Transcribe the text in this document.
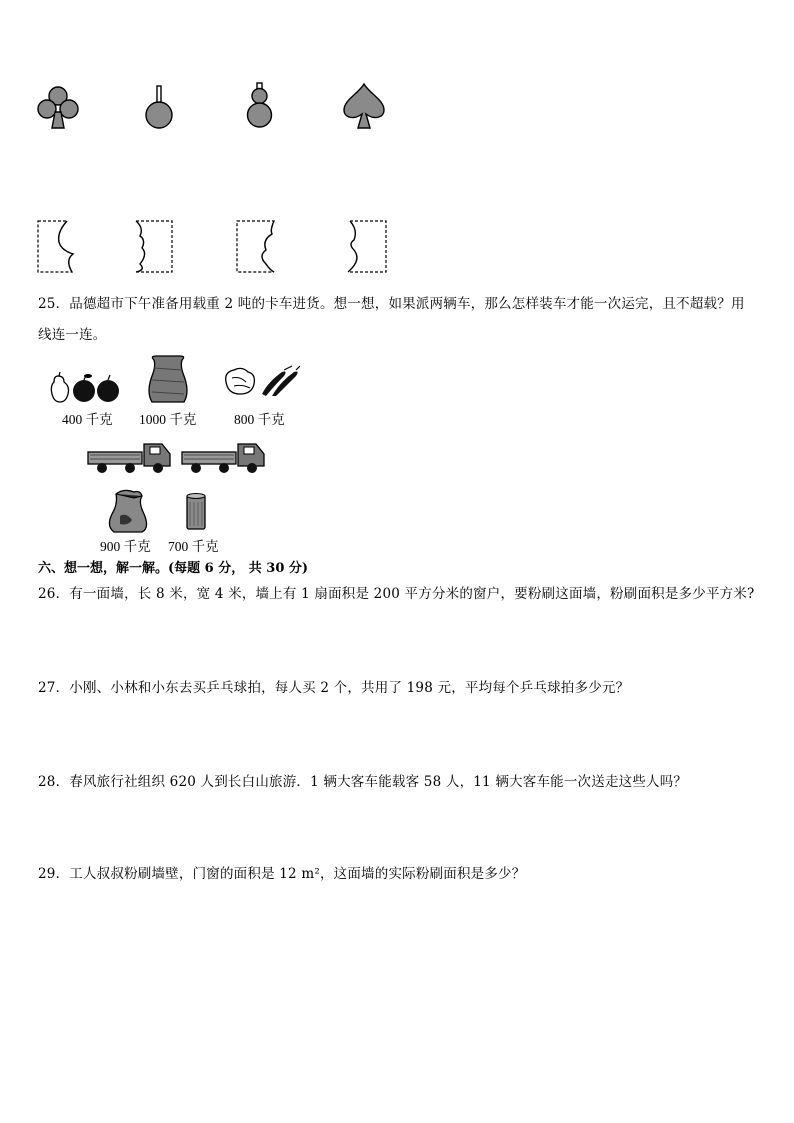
25．品德超市下午准备用载重 2 吨的卡车进货。想一想，如果派两辆车，那么怎样装车才能一次运完，且不超载？用
线连一连。
400 千克 1000 千克	800 千克
900 千克 700 千克
六、想一想，解一解。(每题 6 分， 共 30 分)
26．有一面墙，长 8 米，宽 4 米，墙上有 1 扇面积是 200 平方分米的窗户，要粉刷这面墙，粉刷面积是多少平方米?
27．小刚、小林和小东去买乒乓球拍，每人买 2 个，共用了 198 元，平均每个乒乓球拍多少元？
28．春风旅行社组织 620 人到长白山旅游．1 辆大客车能载客 58 人，11 辆大客车能一次送走这些人吗？
29．工人叔叔粉刷墙壁，门窗的面积是 12 m²，这面墙的实际粉刷面积是多少？
